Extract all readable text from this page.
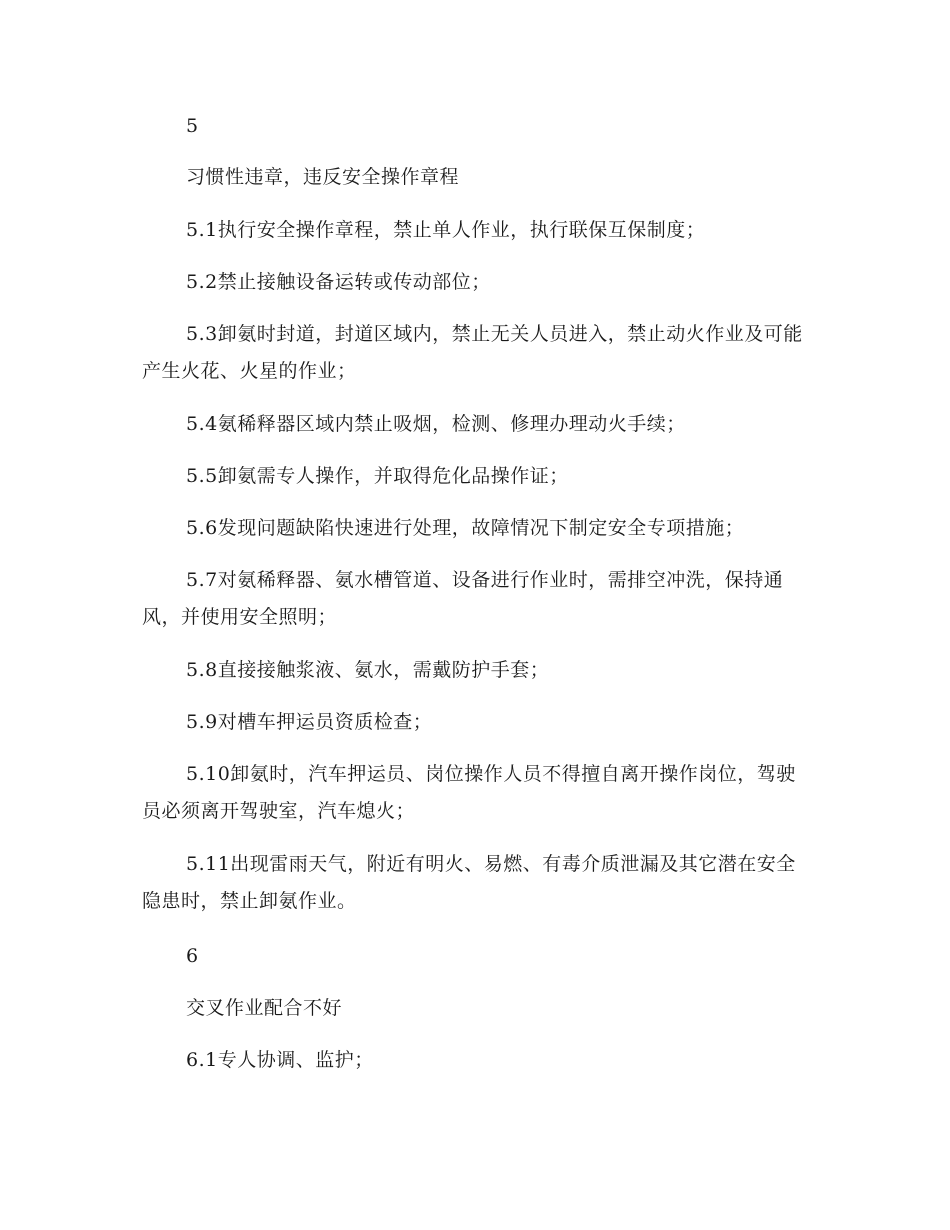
5

习惯性违章，违反安全操作章程

5.1执行安全操作章程，禁止单人作业，执行联保互保制度；

5.2禁止接触设备运转或传动部位；

5.3卸氨时封道，封道区域内，禁止无关人员进入，禁止动火作业及可能产生火花、火星的作业；

5.4氨稀释器区域内禁止吸烟，检测、修理办理动火手续；

5.5卸氨需专人操作，并取得危化品操作证；

5.6发现问题缺陷快速进行处理，故障情况下制定安全专项措施；

5.7对氨稀释器、氨水槽管道、设备进行作业时，需排空冲洗，保持通风，并使用安全照明；

5.8直接接触浆液、氨水，需戴防护手套；

5.9对槽车押运员资质检查；

5.10卸氨时，汽车押运员、岗位操作人员不得擅自离开操作岗位，驾驶员必须离开驾驶室，汽车熄火；

5.11出现雷雨天气，附近有明火、易燃、有毒介质泄漏及其它潜在安全隐患时，禁止卸氨作业。

6

交叉作业配合不好

6.1专人协调、监护；
